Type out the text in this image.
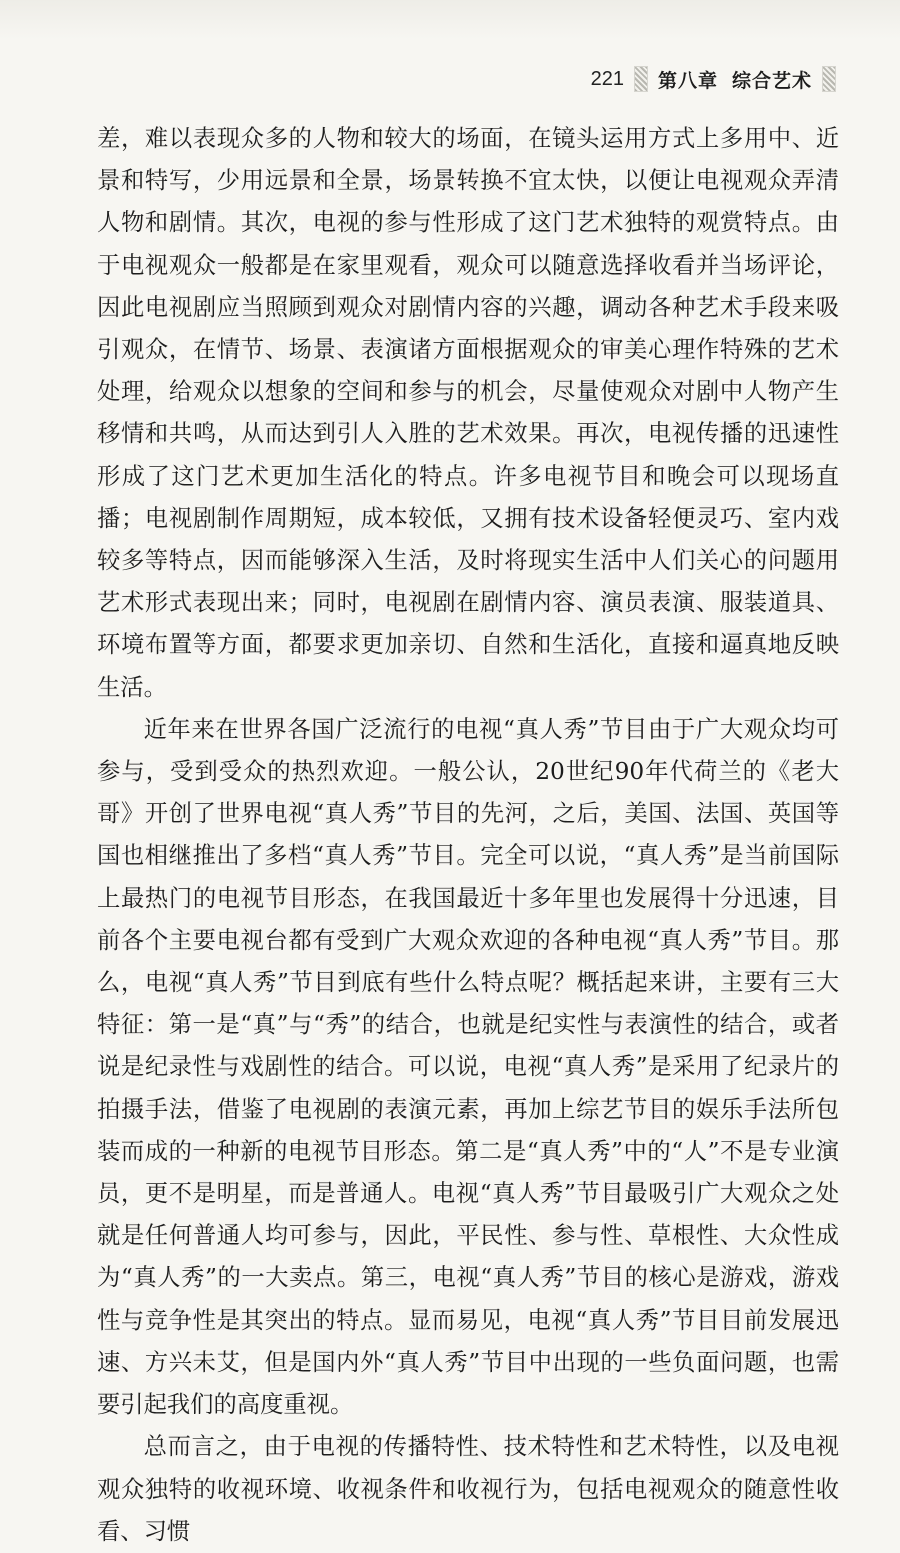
221 第八章 综合艺术

差，难以表现众多的人物和较大的场面，在镜头运用方式上多用中、近景和特写，少用远景和全景，场景转换不宜太快，以便让电视观众弄清人物和剧情。其次，电视的参与性形成了这门艺术独特的观赏特点。由于电视观众一般都是在家里观看，观众可以随意选择收看并当场评论，因此电视剧应当照顾到观众对剧情内容的兴趣，调动各种艺术手段来吸引观众，在情节、场景、表演诸方面根据观众的审美心理作特殊的艺术处理，给观众以想象的空间和参与的机会，尽量使观众对剧中人物产生移情和共鸣，从而达到引人入胜的艺术效果。再次，电视传播的迅速性形成了这门艺术更加生活化的特点。许多电视节目和晚会可以现场直播；电视剧制作周期短，成本较低，又拥有技术设备轻便灵巧、室内戏较多等特点，因而能够深入生活，及时将现实生活中人们关心的问题用艺术形式表现出来；同时，电视剧在剧情内容、演员表演、服装道具、环境布置等方面，都要求更加亲切、自然和生活化，直接和逼真地反映生活。

近年来在世界各国广泛流行的电视“真人秀”节目由于广大观众均可参与，受到受众的热烈欢迎。一般公认，20世纪90年代荷兰的《老大哥》开创了世界电视“真人秀”节目的先河，之后，美国、法国、英国等国也相继推出了多档“真人秀”节目。完全可以说，“真人秀”是当前国际上最热门的电视节目形态，在我国最近十多年里也发展得十分迅速，目前各个主要电视台都有受到广大观众欢迎的各种电视“真人秀”节目。那么，电视“真人秀”节目到底有些什么特点呢？概括起来讲，主要有三大特征：第一是“真”与“秀”的结合，也就是纪实性与表演性的结合，或者说是纪录性与戏剧性的结合。可以说，电视“真人秀”是采用了纪录片的拍摄手法，借鉴了电视剧的表演元素，再加上综艺节目的娱乐手法所包装而成的一种新的电视节目形态。第二是“真人秀”中的“人”不是专业演员，更不是明星，而是普通人。电视“真人秀”节目最吸引广大观众之处就是任何普通人均可参与，因此，平民性、参与性、草根性、大众性成为“真人秀”的一大卖点。第三，电视“真人秀”节目的核心是游戏，游戏性与竞争性是其突出的特点。显而易见，电视“真人秀”节目目前发展迅速、方兴未艾，但是国内外“真人秀”节目中出现的一些负面问题，也需要引起我们的高度重视。

总而言之，由于电视的传播特性、技术特性和艺术特性，以及电视观众独特的收视环境、收视条件和收视行为，包括电视观众的随意性收看、习惯
